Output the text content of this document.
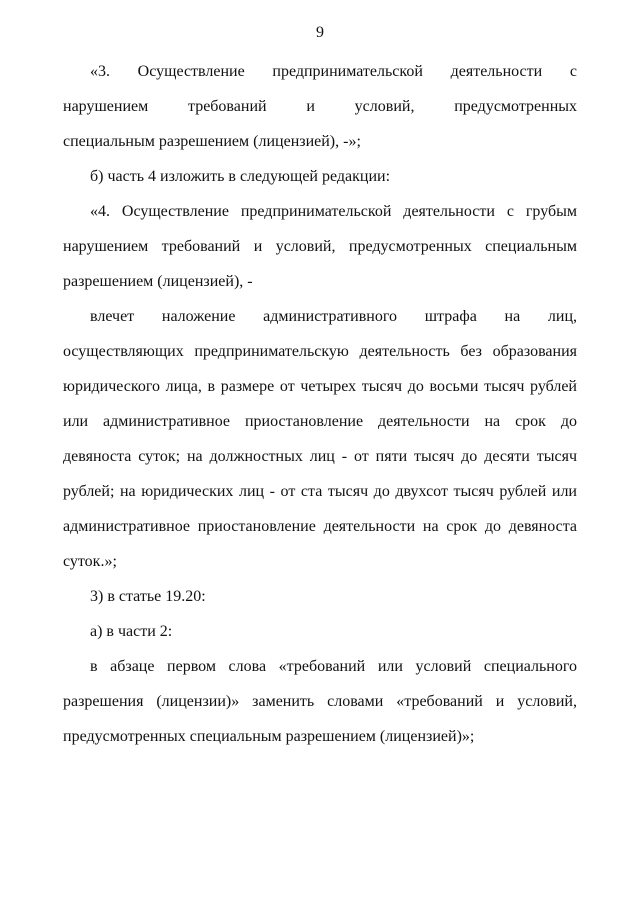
9
«3. Осуществление предпринимательской деятельности с
нарушением требований и условий, предусмотренных
специальным разрешением (лицензией), -»;
б) часть 4 изложить в следующей редакции:
«4. Осуществление предпринимательской деятельности с грубым
нарушением требований и условий, предусмотренных специальным
разрешением (лицензией), -
влечет наложение административного штрафа на лиц,
осуществляющих предпринимательскую деятельность без образования
юридического лица, в размере от четырех тысяч до восьми тысяч рублей
или административное приостановление деятельности на срок до
девяноста суток; на должностных лиц - от пяти тысяч до десяти тысяч
рублей; на юридических лиц - от ста тысяч до двухсот тысяч рублей или
административное приостановление деятельности на срок до девяноста
суток.»;
3) в статье 19.20:
а) в части 2:
в абзаце первом слова «требований или условий специального
разрешения (лицензии)» заменить словами «требований и условий,
предусмотренных специальным разрешением (лицензией)»;
